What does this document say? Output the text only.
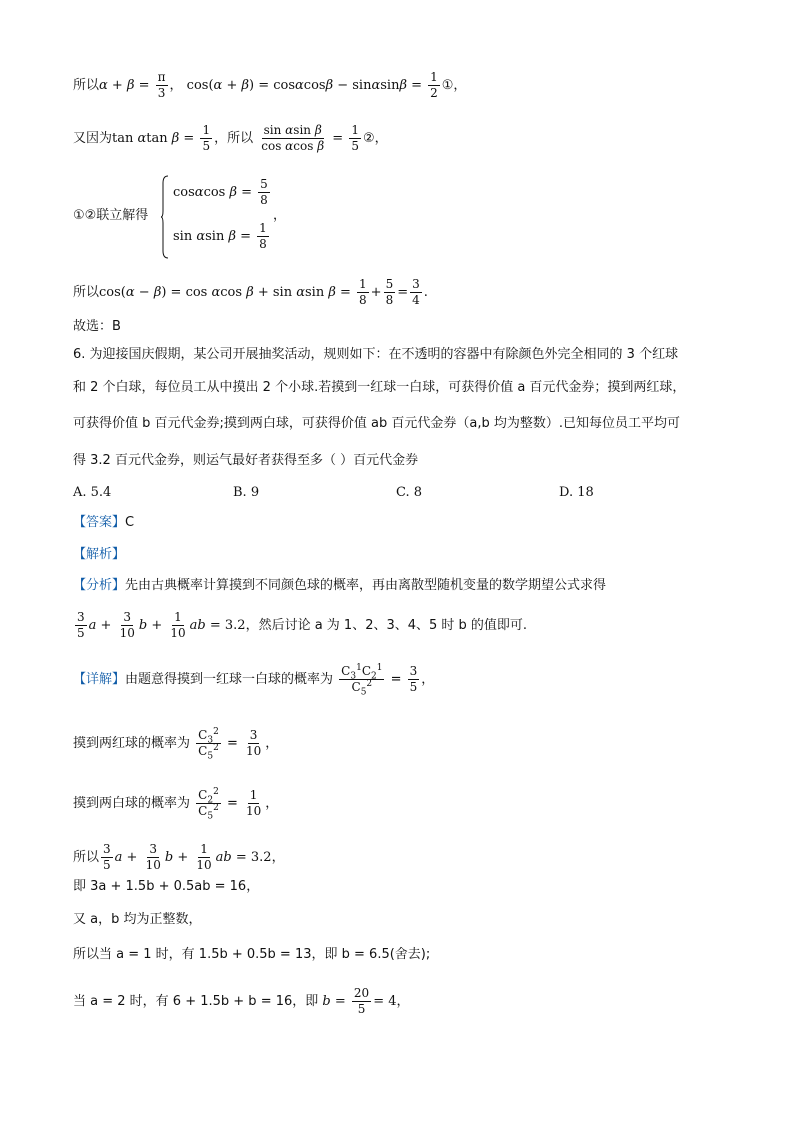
所以$\alpha + \beta = \frac{\pi}{3}$ ， $\cos(\alpha + \beta) = \cos\alpha\cos\beta - \sin\alpha\sin\beta = \frac{1}{2}$ ①，
又因为tan αtan $\beta = \frac{1}{5}$ ，所以 $\frac{\text{sin αsin β}}{\text{cos αcos β}} = \frac{1}{5}$ ②，
①②联立解得
cosαcos $\beta = \frac{5}{8}$
sin αsin $\beta = \frac{1}{8}$
，
所以cos(α − β) = cos αcos β + sin αsin $\beta = \frac{1}{8} + \frac{5}{8} = \frac{3}{4}$ .
故选：B
6. 为迎接国庆假期，某公司开展抽奖活动，规则如下：在不透明的容器中有除颜色外完全相同的 3 个红球
和 2 个白球，每位员工从中摸出 2 个小球.若摸到一红球一白球，可获得价值 a 百元代金券；摸到两红球，
可获得价值 b 百元代金券;摸到两白球，可获得价值 ab 百元代金券（a,b 均为整数）.已知每位员工平均可
得 3.2 百元代金券，则运气最好者获得至多（ ）百元代金券
A. 5.4	B. 9	C. 8	D. 18
【答案】C
【解析】
【分析】先由古典概率计算摸到不同颜色球的概率，再由离散型随机变量的数学期望公式求得
$\frac{3}{5}$ $a + \frac{3}{10}$ $b + \frac{1}{10}$ ab = 3.2，然后讨论 a 为 1、2、3、4、5 时 b 的值即可.
【详解】由题意得摸到一红球一白球的概率为 $\frac{C_3^1C_2^1}{C_5^2} = \frac{3}{5}$ ，
摸到两红球的概率为 $\frac{C_3^2}{C_5^2} = \frac{3}{10}$ ，
摸到两白球的概率为 $\frac{C_2^2}{C_5^2} = \frac{1}{10}$ ，
所以 $\frac{3}{5}$ $a + \frac{3}{10}$ $b + \frac{1}{10}$ ab = 3.2，
即 3a + 1.5b + 0.5ab = 16，
又 a，b 均为正整数，
所以当 a = 1 时，有 1.5b + 0.5b = 13，即 b = 6.5(舍去);
当 a = 2 时，有 6 + 1.5b + b = 16，即 $b = \frac{20}{5} = 4$，
